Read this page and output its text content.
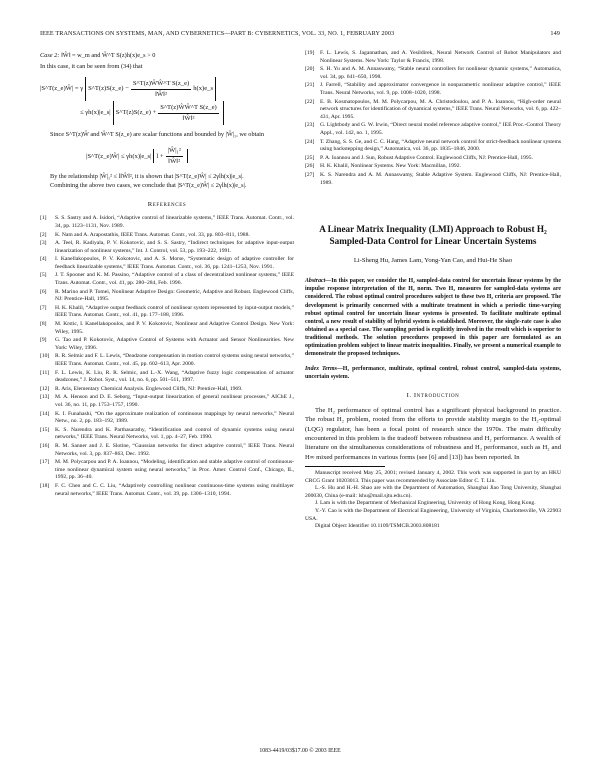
IEEE TRANSACTIONS ON SYSTEMS, MAN, AND CYBERNETICS—PART B: CYBERNETICS, VOL. 33, NO. 1, FEBRUARY 2003	149
Case 2: ‖Ŵ‖ = w_m and Ŵ^T S(z)h(x)e_s > 0
In this case, it can be seen from (34) that
|S^T(z_e)Ŵ| = γ S^T(z)S(z_e) − $\frac{\text{S\textasciicircum{}T(z)ŴŴ\textasciicircum{}T S(z\_e)}}{\text{‖Ŵ‖²}}$ h(x)e_s
≤ γh(x)|e_s| S^T(z)S(z_e) + $\frac{\text{S\textasciicircum{}T(z)ŴŴ\textasciicircum{}T S(z\_e)}}{\text{‖Ŵ‖²}}$

Since S^T(z)Ŵ and Ŵ^T S(z_e) are scalar functions and bounded by |Ŵ|₁, we obtain

|S^T(z_e)Ŵ| ≤ γh(x)|e_s| $l + \frac{\text{|Ŵ|₁²}}{\text{‖Ŵ‖²}}$

By the relationship |Ŵ|₁² ≤ l‖Ŵ‖², it is shown that |S^T(z_e)Ŵ| ≤ 2γlh(x)|e_s|.

Combining the above two cases, we conclude that |S^T(z_e)Ŵ| ≤ 2γlh(x)|e_s|.

References
[1]	S. S. Sastry and A. Isidori, “Adaptive control of linearizable systems,” IEEE Trans. Automat. Contr., vol. 34, pp. 1123–1131, Nov. 1989.
[2]	K. Nam and A. Arapostathis, IEEE Trans. Automat. Contr., vol. 33, pp. 803–811, 1988.
[3]	A. Teel, R. Kadiyala, P. V. Kokotovic, and S. S. Sastry, “Indirect techniques for adaptive input-output linearization of nonlinear systems,” Int. J. Control, vol. 53, pp. 193–222, 1991.
[4]	I. Kanellakopoulos, P. V. Kokotovic, and A. S. Morse, “Systematic design of adaptive controller for feedback linearizable systems,” IEEE Trans. Automat. Contr., vol. 36, pp. 1241–1253, Nov. 1991.
[5]	J. T. Spooner and K. M. Passino, “Adaptive control of a class of decentralized nonlinear systems,” IEEE Trans. Automat. Contr., vol. 41, pp. 280–284, Feb. 1996.
[6]	R. Marino and P. Tomei, Nonlinear Adaptive Design: Geometric, Adaptive and Robust. Englewood Cliffs, NJ: Prentice-Hall, 1995.
[7]	H. K. Khalil, “Adaptive output feedback control of nonlinear system represented by input-output models,” IEEE Trans. Automat. Contr., vol. 41, pp. 177–188, 1996.
[8]	M. Krstic, I. Kanellakopoulos, and P. V. Kokotovic, Nonlinear and Adaptive Control Design. New York: Wiley, 1995.
[9]	G. Tao and P. Kokotovic, Adaptive Control of Systems with Actuator and Sensor Nonlinearities. New York: Wiley, 1996.
[10]	R. R. Selmic and F. L. Lewis, “Deadzone compensation in motion control systems using neural networks,” IEEE Trans. Automat. Contr., vol. 45, pp. 602–613, Apr. 2000.
[11]	F. L. Lewis, K. Liu, R. R. Selmic, and L.-X. Wang, “Adaptive fuzzy logic compensation of actuator deadzones,” J. Robot. Syst., vol. 14, no. 6, pp. 501–511, 1997.
[12]	R. Aris, Elementary Chemical Analysis. Englewood Cliffs, NJ: Prentice-Hall, 1969.
[13]	M. A. Henson and D. E. Seborg, “Input-output linearization of general nonlinear processes,” AIChE J., vol. 36, no. 11, pp. 1753–1757, 1990.
[14]	K. I. Funahashi, “On the approximate realization of continuous mappings by neural networks,” Neural Netw., no. 2, pp. 183–192, 1989.
[15]	K. S. Narendra and K. Parthasarathy, “Identification and control of dynamic systems using neural networks,” IEEE Trans. Neural Networks, vol. 1, pp. 4–27, Feb. 1990.
[16]	R. M. Sanner and J. E. Slotine, “Gaussian networks for direct adaptive control,” IEEE Trans. Neural Networks, vol. 3, pp. 837–863, Dec. 1992.
[17]	M. M. Polycarpou and P. A. Ioannou, “Modeling, identification and stable adaptive control of continuous-time nonlinear dynamical system using neural networks,” in Proc. Amer. Control Conf., Chicago, IL, 1992, pp. 36–40.
[18]	F. C. Chen and C. C. Liu, “Adaptively controlling nonlinear continuous-time systems using multilayer neural networks,” IEEE Trans. Automat. Contr., vol. 39, pp. 1306–1310, 1994.
[19]	F. L. Lewis, S. Jagannathan, and A. Yesildirek, Neural Network Control of Robot Manipulators and Nonlinear Systems. New York: Taylor & Francis, 1998.
[20]	S. H. Yu and A. M. Annaswamy, “Stable neural controllers for nonlinear dynamic systems,” Automatica, vol. 34, pp. 641–650, 1998.
[21]	J. Farrell, “Stability and approximator convergence in nonparametric nonlinear adaptive control,” IEEE Trans. Neural Networks, vol. 9, pp. 1008–1020, 1998.
[22]	E. B. Kosmatopoulos, M. M. Polycarpou, M. A. Christodoulou, and P. A. Ioannou, “High-order neural network structures for identification of dynamical systems,” IEEE Trans. Neural Networks, vol. 6, pp. 422–431, Apr. 1995.
[23]	G. Lightbody and G. W. Irwin, “Direct neural model reference adaptive control,” IEE Proc.-Control Theory Appl., vol. 142, no. 1, 1995.
[24]	T. Zhang, S. S. Ge, and C. C. Hang, “Adaptive neural network control for strict-feedback nonlinear systems using backstepping design,” Automatica, vol. 36, pp. 1835–1846, 2000.
[25]	P. A. Ioannou and J. Sun, Robust Adaptive Control. Englewood Cliffs, NJ: Prentice-Hall, 1995.
[26]	H. K. Khalil, Nonlinear Systems. New York: Macmillan, 1992.
[27]	K. S. Narendra and A. M. Annaswamy, Stable Adaptive System. Englewood Cliffs, NJ: Prentice-Hall, 1989.
A Linear Matrix Inequality (LMI) Approach to Robust H₂ Sampled-Data Control for Linear Uncertain Systems
Li-Sheng Hu, James Lam, Yong-Yan Cao, and Hui-He Shao

Abstract—In this paper, we consider the H₂ sampled-data control for uncertain linear systems by the impulse response interpretation of the H₂ norm. Two H₂ measures for sampled-data systems are considered. The robust optimal control procedures subject to these two H₂ criteria are proposed. The development is primarily concerned with a multirate treatment in which a periodic time-varying robust optimal control for uncertain linear systems is presented. To facilitate multirate optimal control, a new result of stability of hybrid system is established. Moreover, the single-rate case is also obtained as a special case. The sampling period is explicitly involved in the result which is superior to traditional methods. The solution procedures proposed in this paper are formulated as an optimization problem subject to linear matrix inequalities. Finally, we present a numerical example to demonstrate the proposed techniques.

Index Terms—H₂ performance, multirate, optimal control, robust control, sampled-data systems, uncertain system.

I. Introduction

The H₂ performance of optimal control has a significant physical background in practice. The robust H₂ problem, rooted from the efforts to provide stability margin to the H₂-optimal (LQG) regulator, has been a focal point of research since the 1970s. The main difficulty encountered in this problem is the tradeoff between robustness and H₂ performance. A wealth of literature on the simultaneous considerations of robustness and H₂ performance, such as H₂ and H∞ mixed performances in various forms (see [6] and [13]) has been reported. In

Manuscript received May 25, 2001; revised January 4, 2002. This work was supported in part by an HKU CRCG Grant 10203013. This paper was recommended by Associate Editor C. T. Lin.

L.-S. Hu and H.-H. Shao are with the Department of Automation, Shanghai Jiao Tong University, Shanghai 200030, China (e-mail: lshu@mail.sjtu.edu.cn).

J. Lam is with the Department of Mechanical Engineering, University of Hong Kong, Hong Kong.

Y.-Y. Cao is with the Department of Electrical Engineering, University of Virginia, Charlottesville, VA 22903 USA.

Digital Object Identifier 10.1109/TSMCB.2003.808181

1083-4419/03$17.00 © 2003 IEEE
